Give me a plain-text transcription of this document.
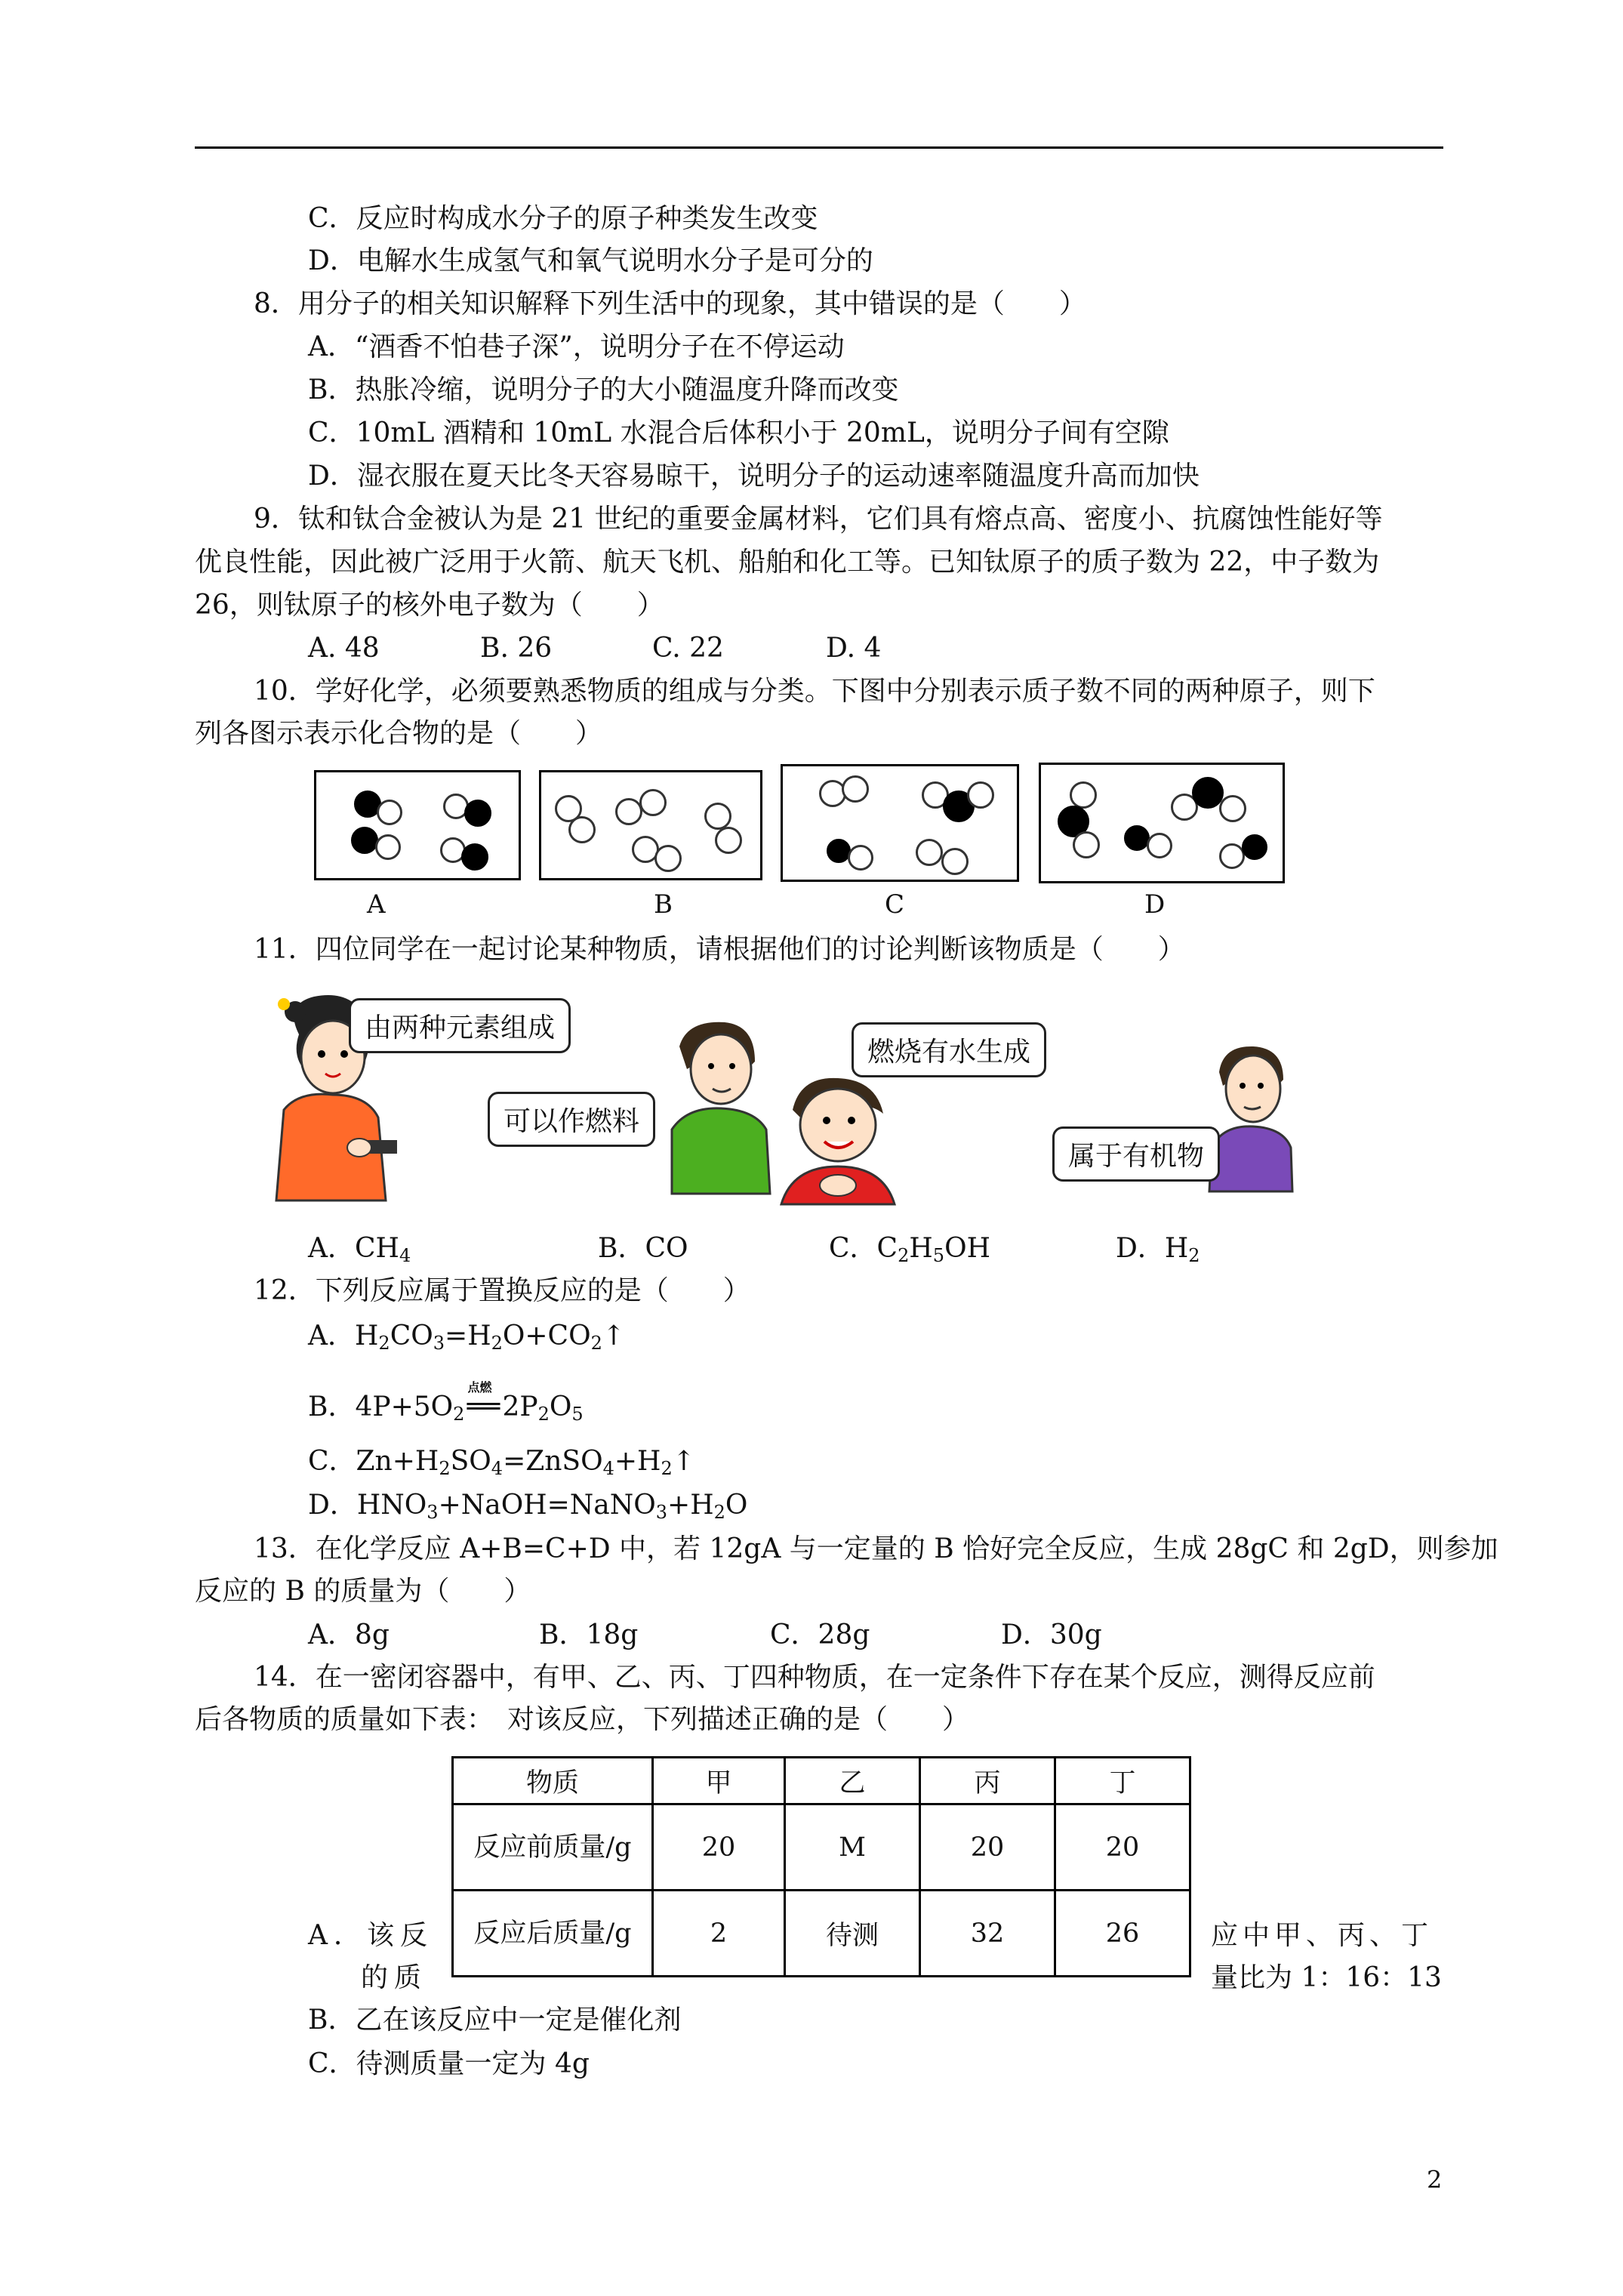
C．反应时构成水分子的原子种类发生改变
D．电解水生成氢气和氧气说明水分子是可分的
8．用分子的相关知识解释下列生活中的现象，其中错误的是（　　）
A．“酒香不怕巷子深”，说明分子在不停运动
B．热胀冷缩，说明分子的大小随温度升降而改变
C．10mL 酒精和 10mL 水混合后体积小于 20mL，说明分子间有空隙
D．湿衣服在夏天比冬天容易晾干，说明分子的运动速率随温度升高而加快
9．钛和钛合金被认为是 21 世纪的重要金属材料，它们具有熔点高、密度小、抗腐蚀性能好等
优良性能，因此被广泛用于火箭、航天飞机、船舶和化工等。已知钛原子的质子数为 22，中子数为
26，则钛原子的核外电子数为（　　）
A. 48	B. 26	C. 22	D. 4
10．学好化学，必须要熟悉物质的组成与分类。下图中分别表示质子数不同的两种原子，则下
列各图示表示化合物的是（　　）
A	B	C	D
11．四位同学在一起讨论某种物质，请根据他们的讨论判断该物质是（　　）
由两种元素组成
可以作燃料
燃烧有水生成
属于有机物
A．$CH_4$	B．CO	C．$C_2H_5OH$	D．$H_2$
12．下列反应属于置换反应的是（　　）
A．$H_2CO_3=H_2O+CO_2↑$
B．$4P+5O_2$
点燃
$══2P_2O_5$
C．$Zn+H_2SO_4=ZnSO_4+H_2↑$
D．$HNO_3+NaOH=NaNO_3+H_2O$
13．在化学反应 A+B=C+D 中，若 12gA 与一定量的 B 恰好完全反应，生成 28gC 和 2gD，则参加
反应的 B 的质量为（　　）
A．8g	B．18g	C．28g	D．30g
14．在一密闭容器中，有甲、乙、丙、丁四种物质，在一定条件下存在某个反应，测得反应前
后各物质的质量如下表：　对该反应，下列描述正确的是（　　）
物质	甲	乙	丙	丁
反应前质量/g	20	M	20	20
反应后质量/g	2	待测	32	26
A．该反
的质
应中甲、丙、丁
量比为 1：16：13
B．乙在该反应中一定是催化剂
C．待测质量一定为 4g
2
